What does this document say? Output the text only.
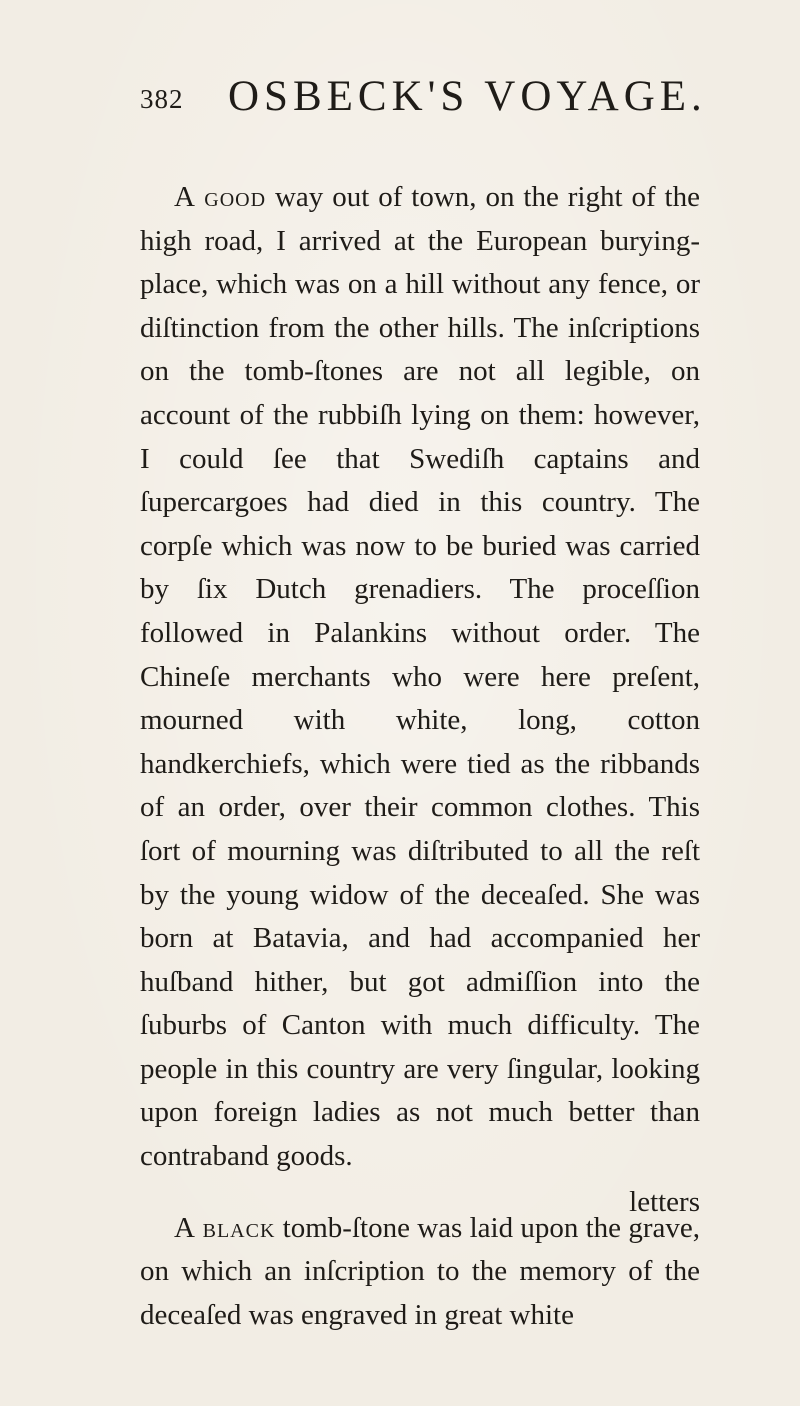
382 OSBECK'S VOYAGE.

A good way out of town, on the right of the high road, I arrived at the European burying-place, which was on a hill without any fence, or diſtinction from the other hills. The inſcriptions on the tomb-ſtones are not all legible, on account of the rubbiſh lying on them: however, I could ſee that Swediſh captains and ſupercargoes had died in this country. The corpſe which was now to be buried was carried by ſix Dutch grenadiers. The proceſſion followed in Palankins without order. The Chineſe merchants who were here preſent, mourned with white, long, cotton handkerchiefs, which were tied as the ribbands of an order, over their common clothes. This ſort of mourning was diſtributed to all the reſt by the young widow of the deceaſed. She was born at Batavia, and had accompanied her huſband hither, but got admiſſion into the ſuburbs of Canton with much difficulty. The people in this country are very ſingular, looking upon foreign ladies as not much better than contraband goods.

A black tomb-ſtone was laid upon the grave, on which an inſcription to the memory of the deceaſed was engraved in great white

letters
